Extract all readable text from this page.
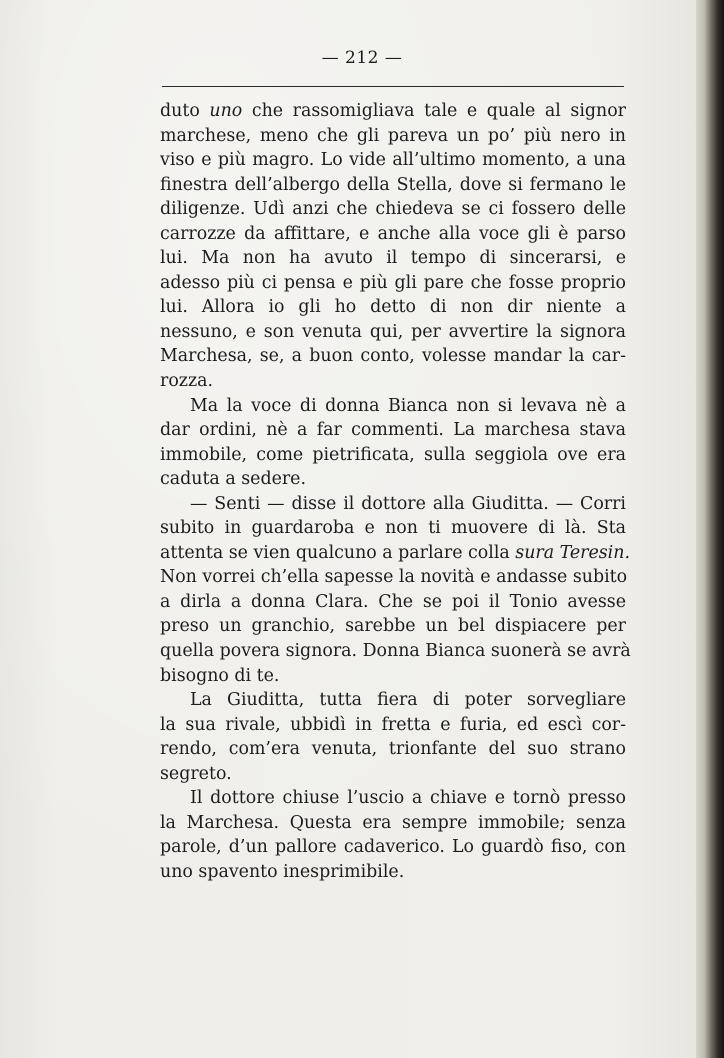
— 212 —
duto uno che rassomigliava tale e quale al signor
marchese, meno che gli pareva un po’ più nero in
viso e più magro. Lo vide all’ultimo momento, a una
finestra dell’albergo della Stella, dove si fermano le
diligenze. Udì anzi che chiedeva se ci fossero delle
carrozze da affittare, e anche alla voce gli è parso
lui. Ma non ha avuto il tempo di sincerarsi, e
adesso più ci pensa e più gli pare che fosse proprio
lui. Allora io gli ho detto di non dir niente a
nessuno, e son venuta qui, per avvertire la signora
Marchesa, se, a buon conto, volesse mandar la car-
rozza.
Ma la voce di donna Bianca non si levava nè a
dar ordini, nè a far commenti. La marchesa stava
immobile, come pietrificata, sulla seggiola ove era
caduta a sedere.
— Senti — disse il dottore alla Giuditta. — Corri
subito in guardaroba e non ti muovere di là. Sta
attenta se vien qualcuno a parlare colla sura Teresin.
Non vorrei ch’ella sapesse la novità e andasse subito
a dirla a donna Clara. Che se poi il Tonio avesse
preso un granchio, sarebbe un bel dispiacere per
quella povera signora. Donna Bianca suonerà se avrà
bisogno di te.
La Giuditta, tutta fiera di poter sorvegliare
la sua rivale, ubbidì in fretta e furia, ed escì cor-
rendo, com’era venuta, trionfante del suo strano
segreto.
Il dottore chiuse l’uscio a chiave e tornò presso
la Marchesa. Questa era sempre immobile; senza
parole, d’un pallore cadaverico. Lo guardò fiso, con
uno spavento inesprimibile.
